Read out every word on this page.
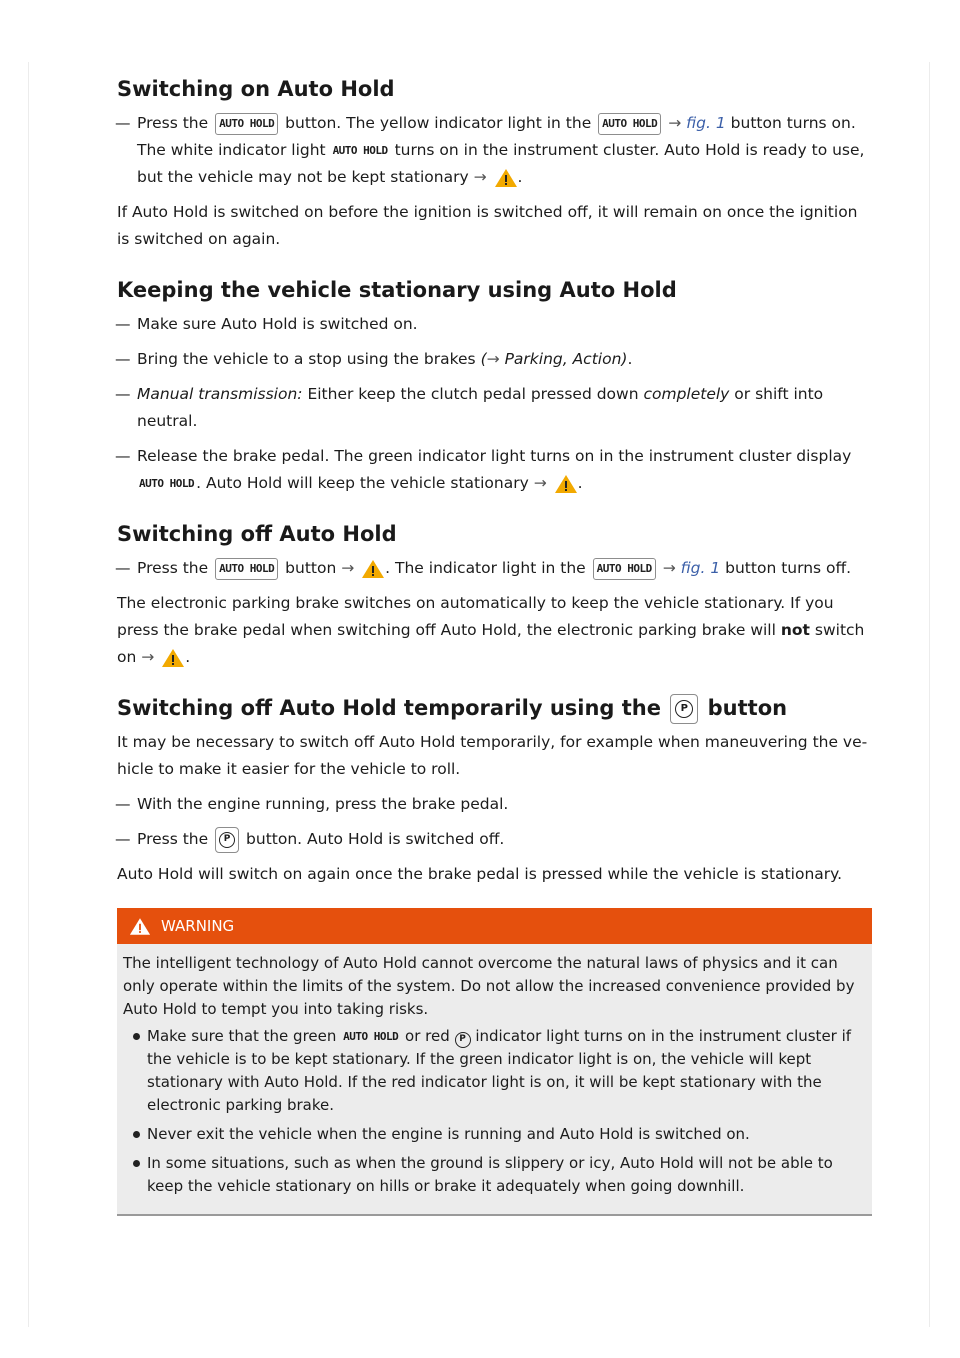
Switching on Auto Hold
— Press the AUTO HOLD button. The yellow indicator light in the AUTO HOLD → fig. 1 button turns on. The white indicator light AUTO HOLD turns on in the instrument cluster. Auto Hold is ready to use, but the vehicle may not be kept stationary → .

If Auto Hold is switched on before the ignition is switched off, it will remain on once the ignition is switched on again.

Keeping the vehicle stationary using Auto Hold
— Make sure Auto Hold is switched on.
— Bring the vehicle to a stop using the brakes (→ Parking, Action).
— Manual transmission: Either keep the clutch pedal pressed down completely or shift into neutral.
— Release the brake pedal. The green indicator light turns on in the instrument cluster display AUTO HOLD . Auto Hold will keep the vehicle stationary → .
Switching off Auto Hold
— Press the AUTO HOLD button → . The indicator light in the AUTO HOLD → fig. 1 button turns off.

The electronic parking brake switches on automatically to keep the vehicle stationary. If you press the brake pedal when switching off Auto Hold, the electronic parking brake will not switch on → .

Switching off Auto Hold temporarily using the	P button

It may be necessary to switch off Auto Hold temporarily, for example when maneuvering the ve- hicle to make it easier for the vehicle to roll.

— With the engine running, press the brake pedal.
— Press the	P	button. Auto Hold is switched off.

Auto Hold will switch on again once the brake pedal is pressed while the vehicle is stationary.

WARNING

The intelligent technology of Auto Hold cannot overcome the natural laws of physics and it can only operate within the limits of the system. Do not allow the increased convenience provided by Auto Hold to tempt you into taking risks.

Make sure that the green AUTO HOLD or red P indicator light turns on in the instrument cluster if the vehicle is to be kept stationary. If the green indicator light is on, the vehicle will kept stationary with Auto Hold. If the red indicator light is on, it will be kept stationary with the electronic parking brake.
Never exit the vehicle when the engine is running and Auto Hold is switched on.
In some situations, such as when the ground is slippery or icy, Auto Hold will not be able to keep the vehicle stationary on hills or brake it adequately when going downhill.
